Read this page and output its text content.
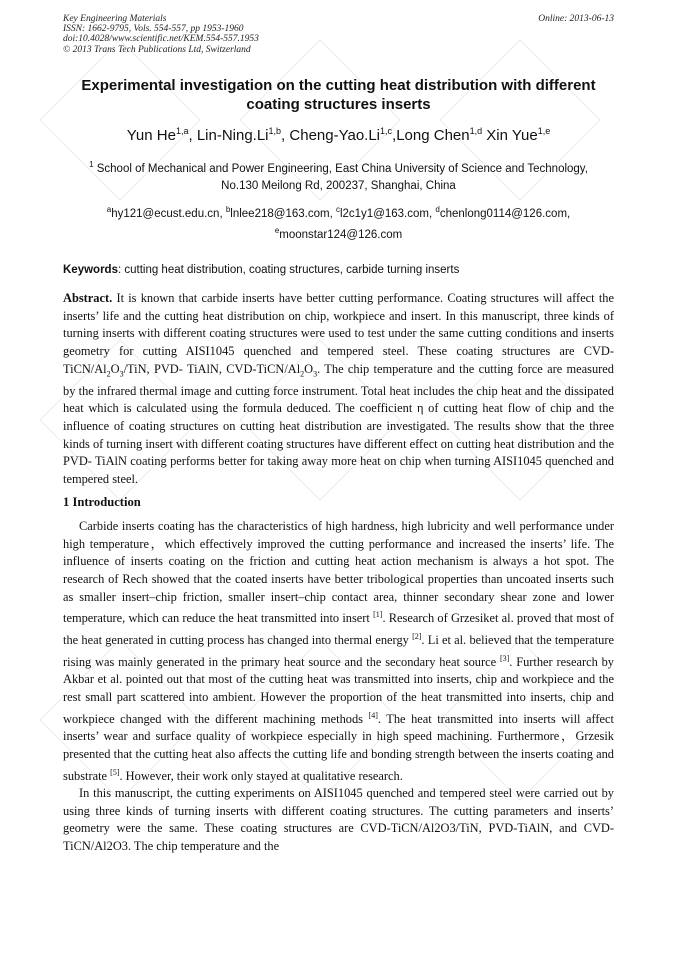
Key Engineering Materials
ISSN: 1662-9795, Vols. 554-557, pp 1953-1960
doi:10.4028/www.scientific.net/KEM.554-557.1953
© 2013 Trans Tech Publications Ltd, Switzerland
Online: 2013-06-13
Experimental investigation on the cutting heat distribution with different coating structures inserts
Yun He$^{1,a}$, Lin-Ning.Li$^{1,b}$, Cheng-Yao.Li$^{1,c}$,Long Chen$^{1,d}$ Xin Yue$^{1,e}$
$^1$ School of Mechanical and Power Engineering, East China University of Science and Technology,
No.130 Meilong Rd, 200237, Shanghai, China
$^a$hy121@ecust.edu.cn, $^b$lnlee218@163.com, $^c$l2c1y1@163.com, $^d$chenlong0114@126.com,
$^e$moonstar124@126.com
Keywords: cutting heat distribution, coating structures, carbide turning inserts
Abstract. It is known that carbide inserts have better cutting performance. Coating structures will affect the inserts’ life and the cutting heat distribution on chip, workpiece and insert. In this manuscript, three kinds of turning inserts with different coating structures were used to test under the same cutting conditions and inserts geometry for cutting AISI1045 quenched and tempered steel. These coating structures are CVD-$TiCN/Al_2O_3$/TiN, PVD- TiAlN, CVD-$TiCN/Al_2O_3$. The chip temperature and the cutting force are measured by the infrared thermal image and cutting force instrument. Total heat includes the chip heat and the dissipated heat which is calculated using the formula deduced. The coefficient η of cutting heat flow of chip and the influence of coating structures on cutting heat distribution are investigated. The results show that the three kinds of turning insert with different coating structures have different effect on cutting heat distribution and the PVD- TiAlN coating performs better for taking away more heat on chip when turning AISI1045 quenched and tempered steel.
1 Introduction
Carbide inserts coating has the characteristics of high hardness, high lubricity and well performance under high temperature，which effectively improved the cutting performance and increased the inserts’ life. The influence of inserts coating on the friction and cutting heat action mechanism is always a hot spot. The research of Rech showed that the coated inserts have better tribological properties than uncoated inserts such as smaller insert–chip friction, smaller insert–chip contact area, thinner secondary shear zone and lower temperature, which can reduce the heat transmitted into insert [1]. Research of Grzesiket al. proved that most of the heat generated in cutting process has changed into thermal energy [2]. Li et al. believed that the temperature rising was mainly generated in the primary heat source and the secondary heat source [3]. Further research by Akbar et al. pointed out that most of the cutting heat was transmitted into inserts, chip and workpiece and the rest small part scattered into ambient. However the proportion of the heat transmitted into inserts, chip and workpiece changed with the different machining methods [4]. The heat transmitted into inserts will affect inserts’ wear and surface quality of workpiece especially in high speed machining. Furthermore，Grzesik presented that the cutting heat also affects the cutting life and bonding strength between the inserts coating and substrate [5]. However, their work only stayed at qualitative research.
In this manuscript, the cutting experiments on AISI1045 quenched and tempered steel were carried out by using three kinds of turning inserts with different coating structures. The cutting parameters and inserts’ geometry were the same. These coating structures are CVD-TiCN/Al2O3/TiN, PVD-TiAlN, and CVD-TiCN/Al2O3. The chip temperature and the
